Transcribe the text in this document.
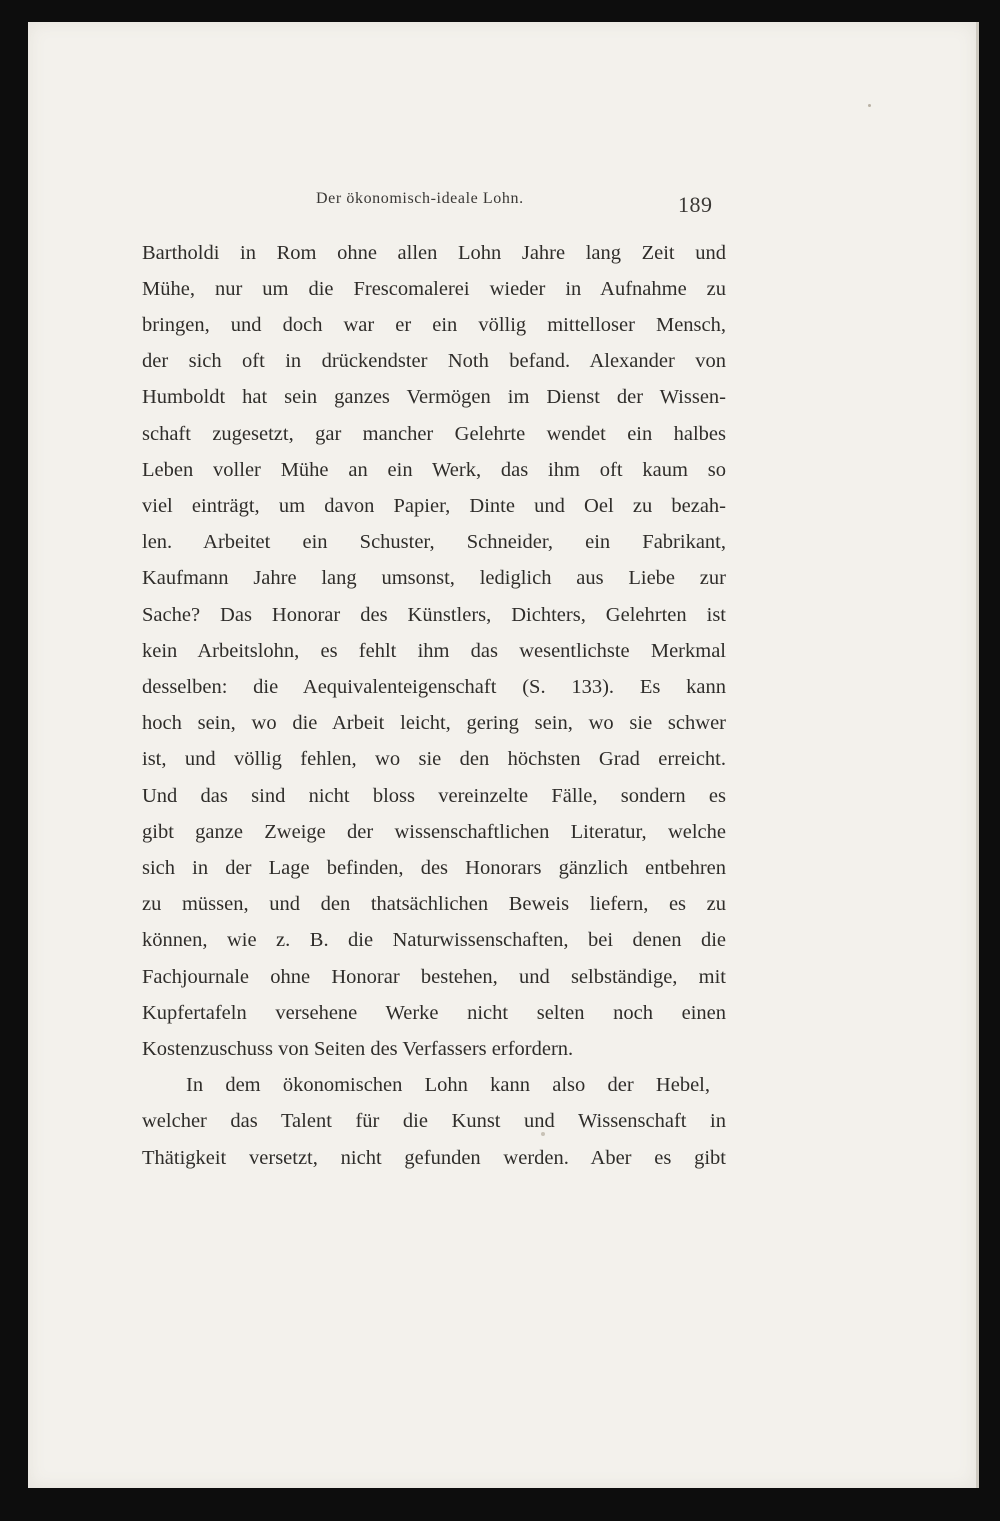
Der ökonomisch-ideale Lohn.	189
Bartholdi in Rom ohne allen Lohn Jahre lang Zeit und
Mühe, nur um die Frescomalerei wieder in Aufnahme zu
bringen, und doch war er ein völlig mittelloser Mensch,
der sich oft in drückendster Noth befand. Alexander von
Humboldt hat sein ganzes Vermögen im Dienst der Wissen-
schaft zugesetzt, gar mancher Gelehrte wendet ein halbes
Leben voller Mühe an ein Werk, das ihm oft kaum so
viel einträgt, um davon Papier, Dinte und Oel zu bezah-
len. Arbeitet ein Schuster, Schneider, ein Fabrikant,
Kaufmann Jahre lang umsonst, lediglich aus Liebe zur
Sache? Das Honorar des Künstlers, Dichters, Gelehrten ist
kein Arbeitslohn, es fehlt ihm das wesentlichste Merkmal
desselben: die Aequivalenteigenschaft (S. 133). Es kann
hoch sein, wo die Arbeit leicht, gering sein, wo sie schwer
ist, und völlig fehlen, wo sie den höchsten Grad erreicht.
Und das sind nicht bloss vereinzelte Fälle, sondern es
gibt ganze Zweige der wissenschaftlichen Literatur, welche
sich in der Lage befinden, des Honorars gänzlich entbehren
zu müssen, und den thatsächlichen Beweis liefern, es zu
können, wie z. B. die Naturwissenschaften, bei denen die
Fachjournale ohne Honorar bestehen, und selbständige, mit
Kupfertafeln versehene Werke nicht selten noch einen
Kostenzuschuss von Seiten des Verfassers erfordern.
In dem ökonomischen Lohn kann also der Hebel,
welcher das Talent für die Kunst und Wissenschaft in
Thätigkeit versetzt, nicht gefunden werden. Aber es gibt
